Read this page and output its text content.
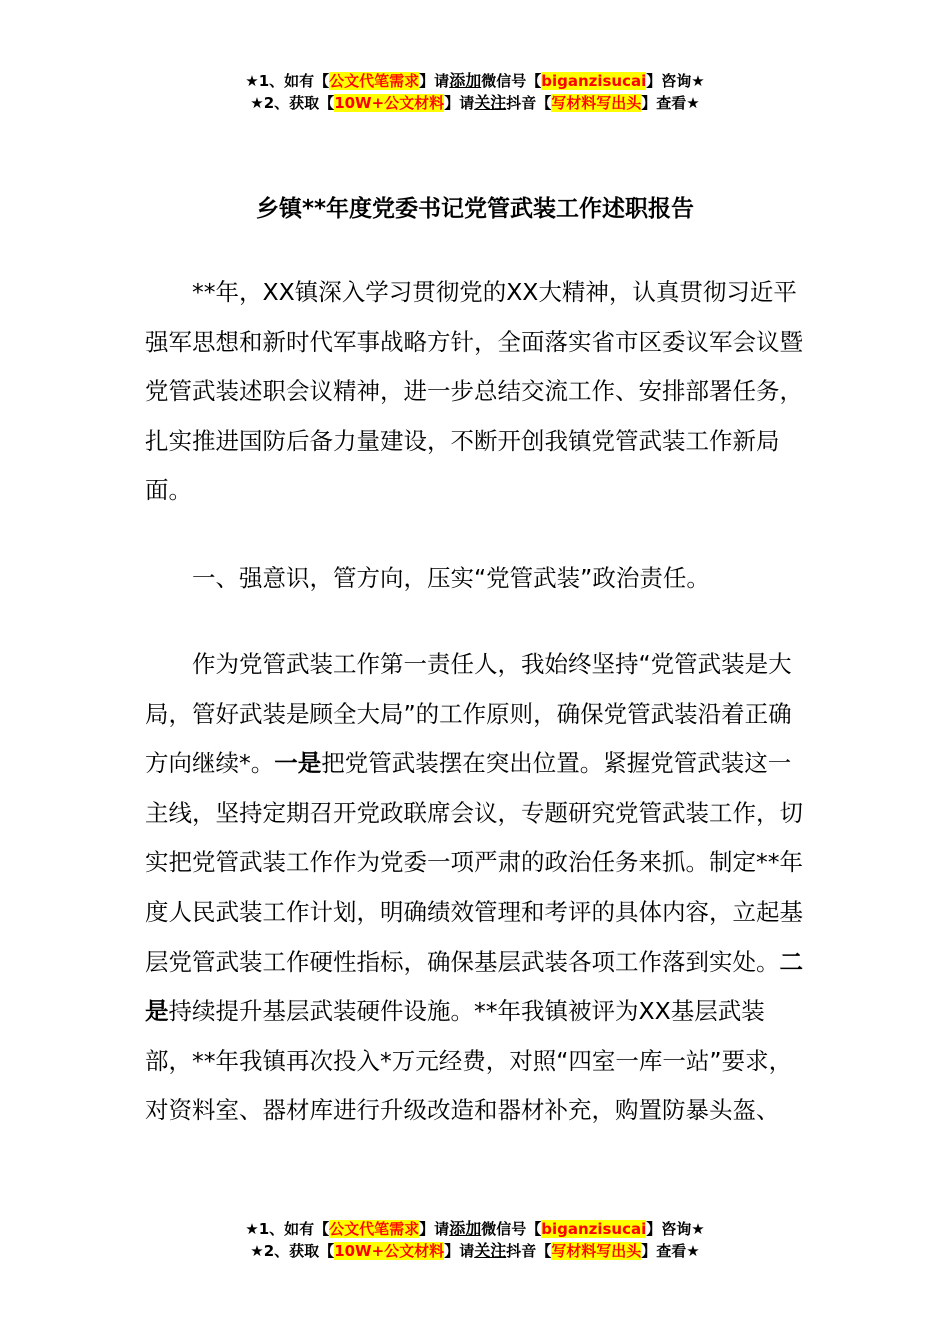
★1、如有【公文代笔需求】请添加微信号【biganzisucai】咨询★
★2、获取【10W+公文材料】请关注抖音【写材料写出头】查看★
乡镇**年度党委书记党管武装工作述职报告

**年，XX镇深入学习贯彻党的XX大精神，认真贯彻习近平强军思想和新时代军事战略方针，全面落实省市区委议军会议暨党管武装述职会议精神，进一步总结交流工作、安排部署任务，扎实推进国防后备力量建设，不断开创我镇党管武装工作新局面。

一、强意识，管方向，压实“党管武装”政治责任。

作为党管武装工作第一责任人，我始终坚持“党管武装是大局，管好武装是顾全大局”的工作原则，确保党管武装沿着正确方向继续*。一是把党管武装摆在突出位置。紧握党管武装这一主线，坚持定期召开党政联席会议，专题研究党管武装工作，切实把党管武装工作作为党委一项严肃的政治任务来抓。制定**年度人民武装工作计划，明确绩效管理和考评的具体内容，立起基层党管武装工作硬性指标，确保基层武装各项工作落到实处。二是持续提升基层武装硬件设施。**年我镇被评为XX基层武装部，**年我镇再次投入*万元经费，对照“四室一库一站”要求，对资料室、器材库进行升级改造和器材补充，购置防暴头盔、

★1、如有【公文代笔需求】请添加微信号【biganzisucai】咨询★
★2、获取【10W+公文材料】请关注抖音【写材料写出头】查看★
